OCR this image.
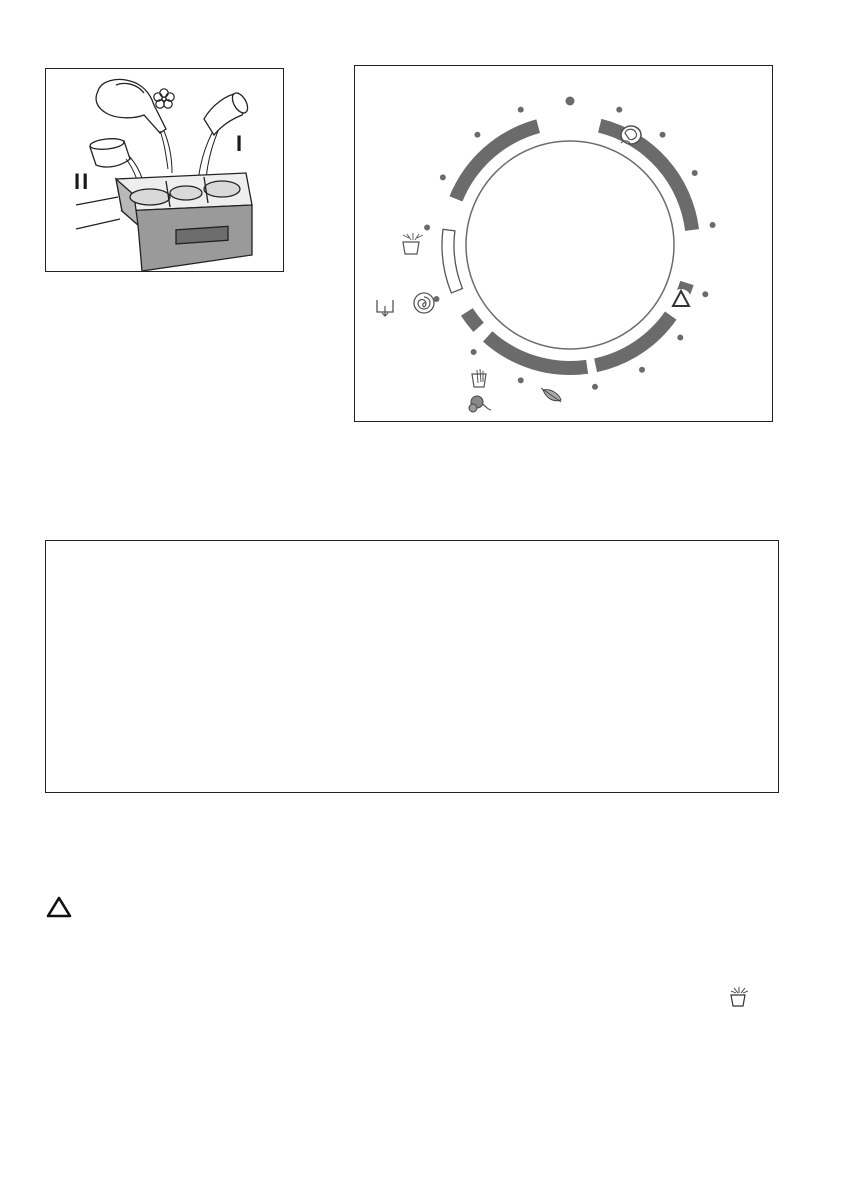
I
II
